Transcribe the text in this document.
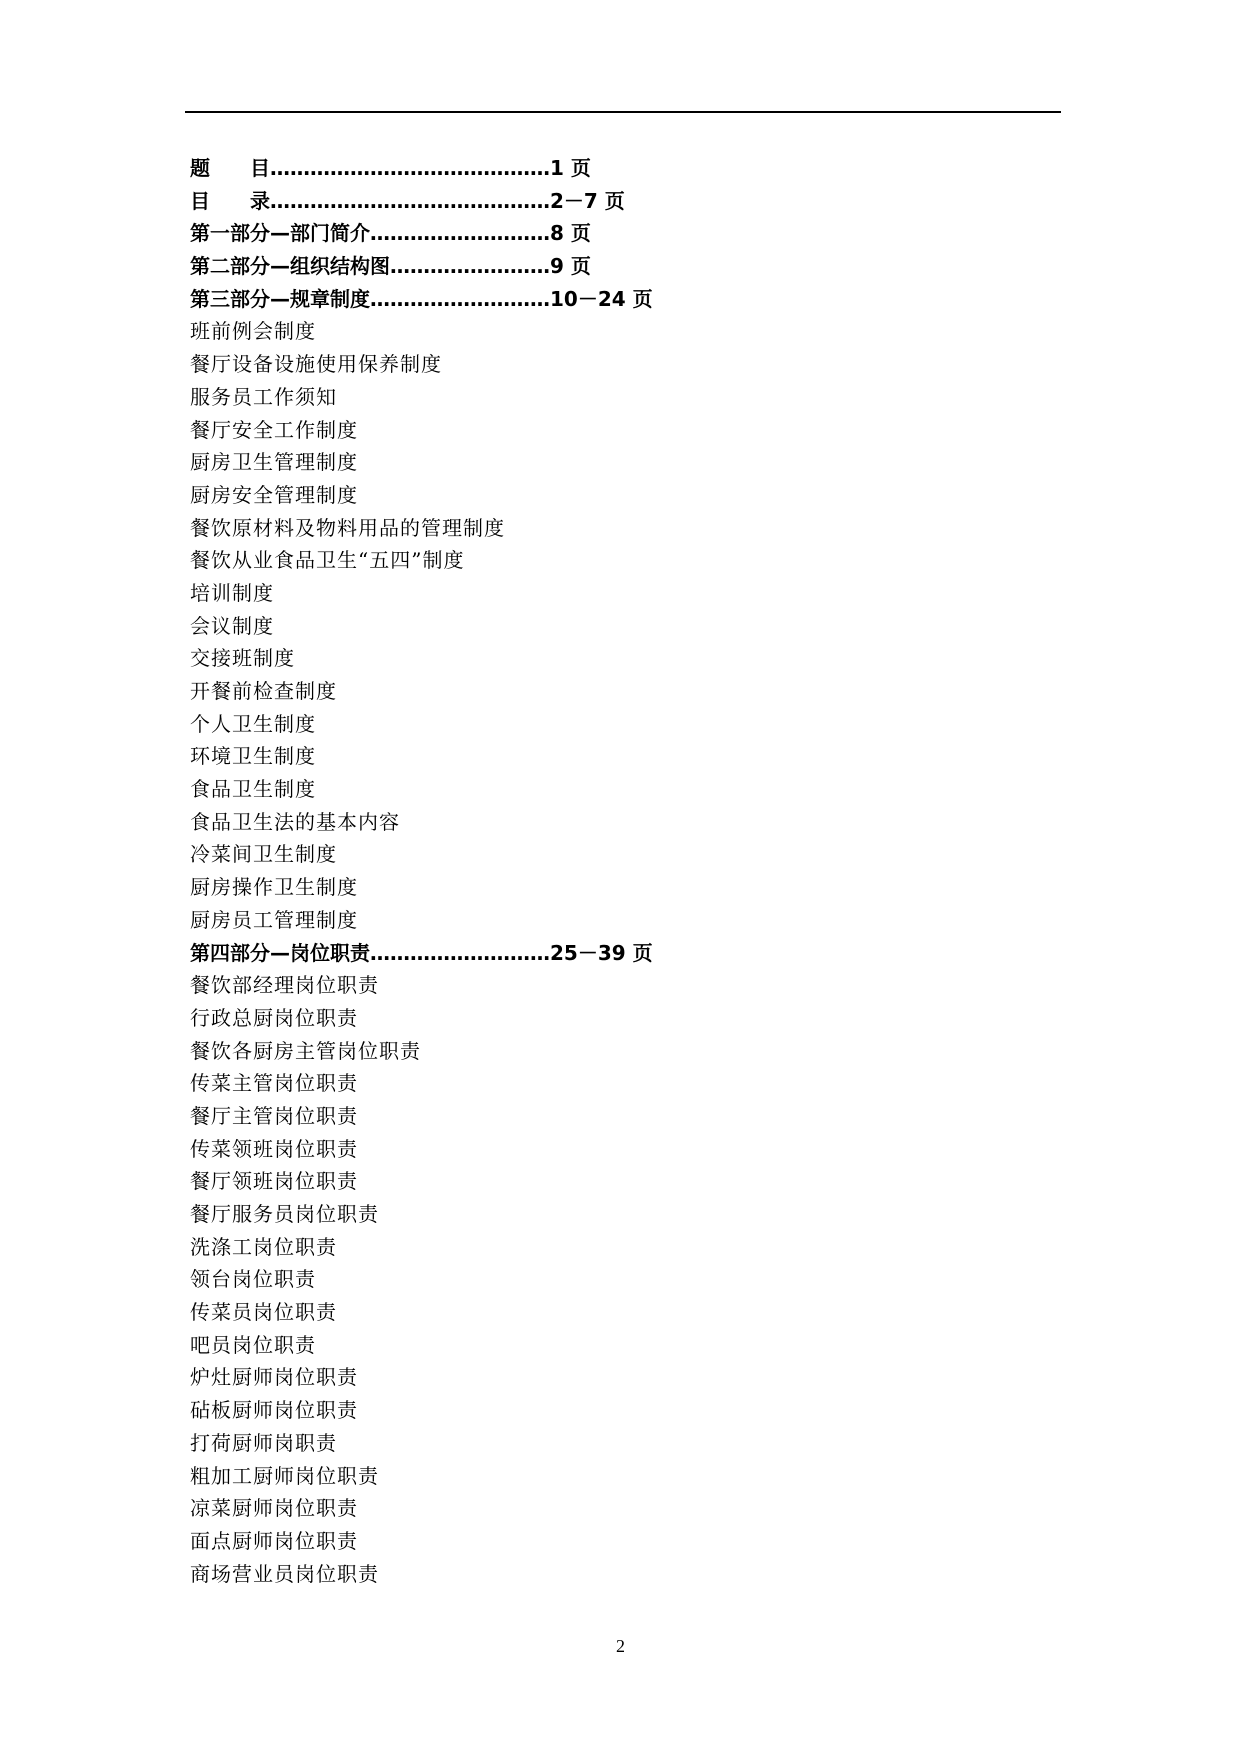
题　　目……………………………………1 页
目　　录……………………………………2－7 页
第一部分—部门简介………………………8 页
第二部分—组织结构图……………………9 页
第三部分—规章制度………………………10－24 页
班前例会制度
餐厅设备设施使用保养制度
服务员工作须知
餐厅安全工作制度
厨房卫生管理制度
厨房安全管理制度
餐饮原材料及物料用品的管理制度
餐饮从业食品卫生“五四”制度
培训制度
会议制度
交接班制度
开餐前检查制度
个人卫生制度
环境卫生制度
食品卫生制度
食品卫生法的基本内容
冷菜间卫生制度
厨房操作卫生制度
厨房员工管理制度
第四部分—岗位职责………………………25－39 页
餐饮部经理岗位职责
行政总厨岗位职责
餐饮各厨房主管岗位职责
传菜主管岗位职责
餐厅主管岗位职责
传菜领班岗位职责
餐厅领班岗位职责
餐厅服务员岗位职责
洗涤工岗位职责
领台岗位职责
传菜员岗位职责
吧员岗位职责
炉灶厨师岗位职责
砧板厨师岗位职责
打荷厨师岗职责
粗加工厨师岗位职责
凉菜厨师岗位职责
面点厨师岗位职责
商场营业员岗位职责
2
